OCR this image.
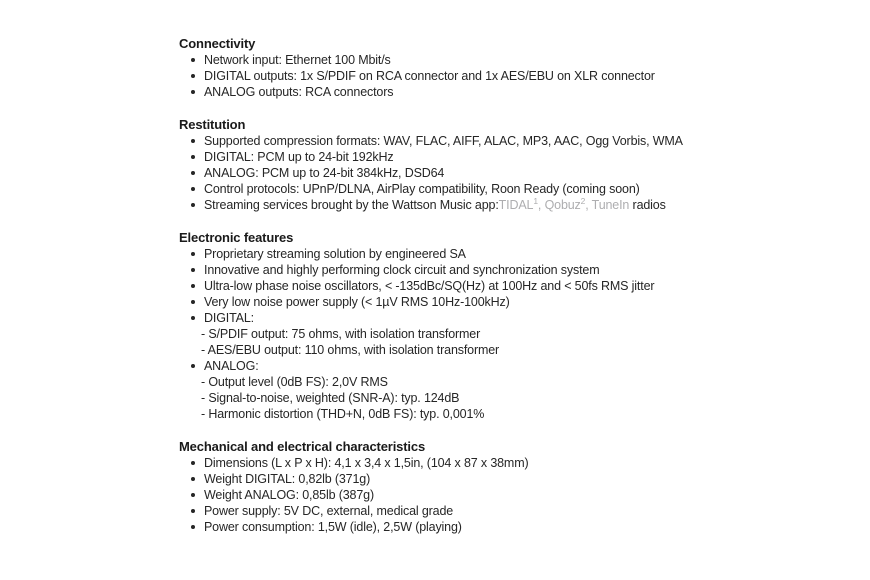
Connectivity
Network input: Ethernet 100 Mbit/s
DIGITAL outputs: 1x S/PDIF on RCA connector and 1x AES/EBU on XLR connector
ANALOG outputs: RCA connectors
Restitution
Supported compression formats: WAV, FLAC, AIFF, ALAC, MP3, AAC, Ogg Vorbis, WMA
DIGITAL: PCM up to 24-bit 192kHz
ANALOG: PCM up to 24-bit 384kHz, DSD64
Control protocols: UPnP/DLNA, AirPlay compatibility, Roon Ready (coming soon)
Streaming services brought by the Wattson Music app:TIDAL$^1$, Qobuz$^2$, TuneIn radios
Electronic features
Proprietary streaming solution by engineered SA
Innovative and highly performing clock circuit and synchronization system
Ultra-low phase noise oscillators, < -135dBc/SQ(Hz) at 100Hz and < 50fs RMS jitter
Very low noise power supply (< 1µV RMS 10Hz-100kHz)
DIGITAL:
- S/PDIF output: 75 ohms, with isolation transformer
- AES/EBU output: 110 ohms, with isolation transformer
ANALOG:
- Output level (0dB FS): 2,0V RMS
- Signal-to-noise, weighted (SNR-A): typ. 124dB
- Harmonic distortion (THD+N, 0dB FS): typ. 0,001%
Mechanical and electrical characteristics
Dimensions (L x P x H): 4,1 x 3,4 x 1,5in, (104 x 87 x 38mm)
Weight DIGITAL: 0,82lb (371g)
Weight ANALOG: 0,85lb (387g)
Power supply: 5V DC, external, medical grade
Power consumption: 1,5W (idle), 2,5W (playing)
